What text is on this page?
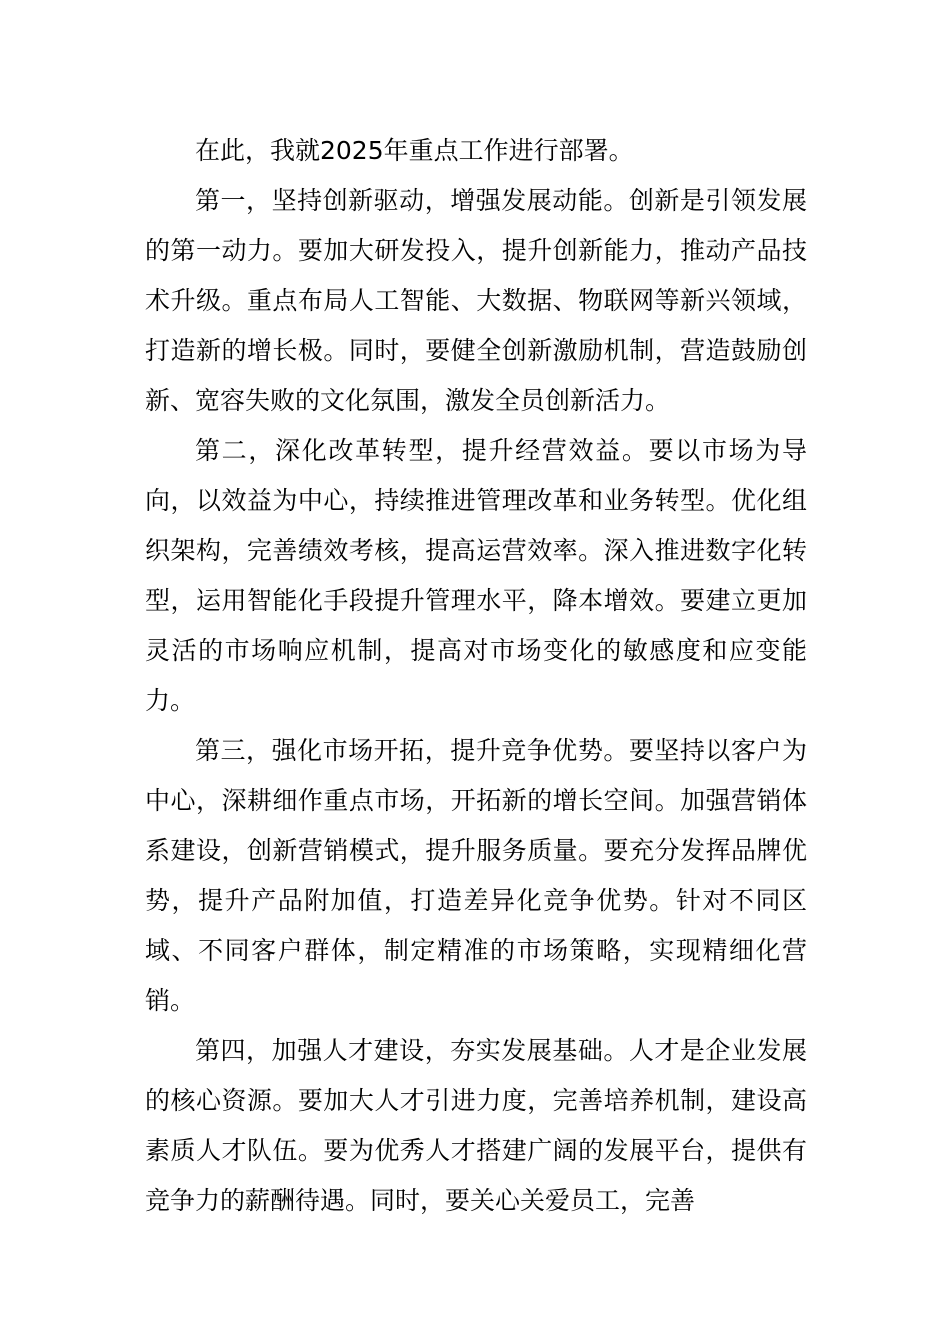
在此，我就2025年重点工作进行部署。

第一，坚持创新驱动，增强发展动能。创新是引领发展的第一动力。要加大研发投入，提升创新能力，推动产品技术升级。重点布局人工智能、大数据、物联网等新兴领域，打造新的增长极。同时，要健全创新激励机制，营造鼓励创新、宽容失败的文化氛围，激发全员创新活力。

第二，深化改革转型，提升经营效益。要以市场为导向，以效益为中心，持续推进管理改革和业务转型。优化组织架构，完善绩效考核，提高运营效率。深入推进数字化转型，运用智能化手段提升管理水平，降本增效。要建立更加灵活的市场响应机制，提高对市场变化的敏感度和应变能力。

第三，强化市场开拓，提升竞争优势。要坚持以客户为中心，深耕细作重点市场，开拓新的增长空间。加强营销体系建设，创新营销模式，提升服务质量。要充分发挥品牌优势，提升产品附加值，打造差异化竞争优势。针对不同区域、不同客户群体，制定精准的市场策略，实现精细化营销。

第四，加强人才建设，夯实发展基础。人才是企业发展的核心资源。要加大人才引进力度，完善培养机制，建设高素质人才队伍。要为优秀人才搭建广阔的发展平台，提供有竞争力的薪酬待遇。同时，要关心关爱员工，完善
